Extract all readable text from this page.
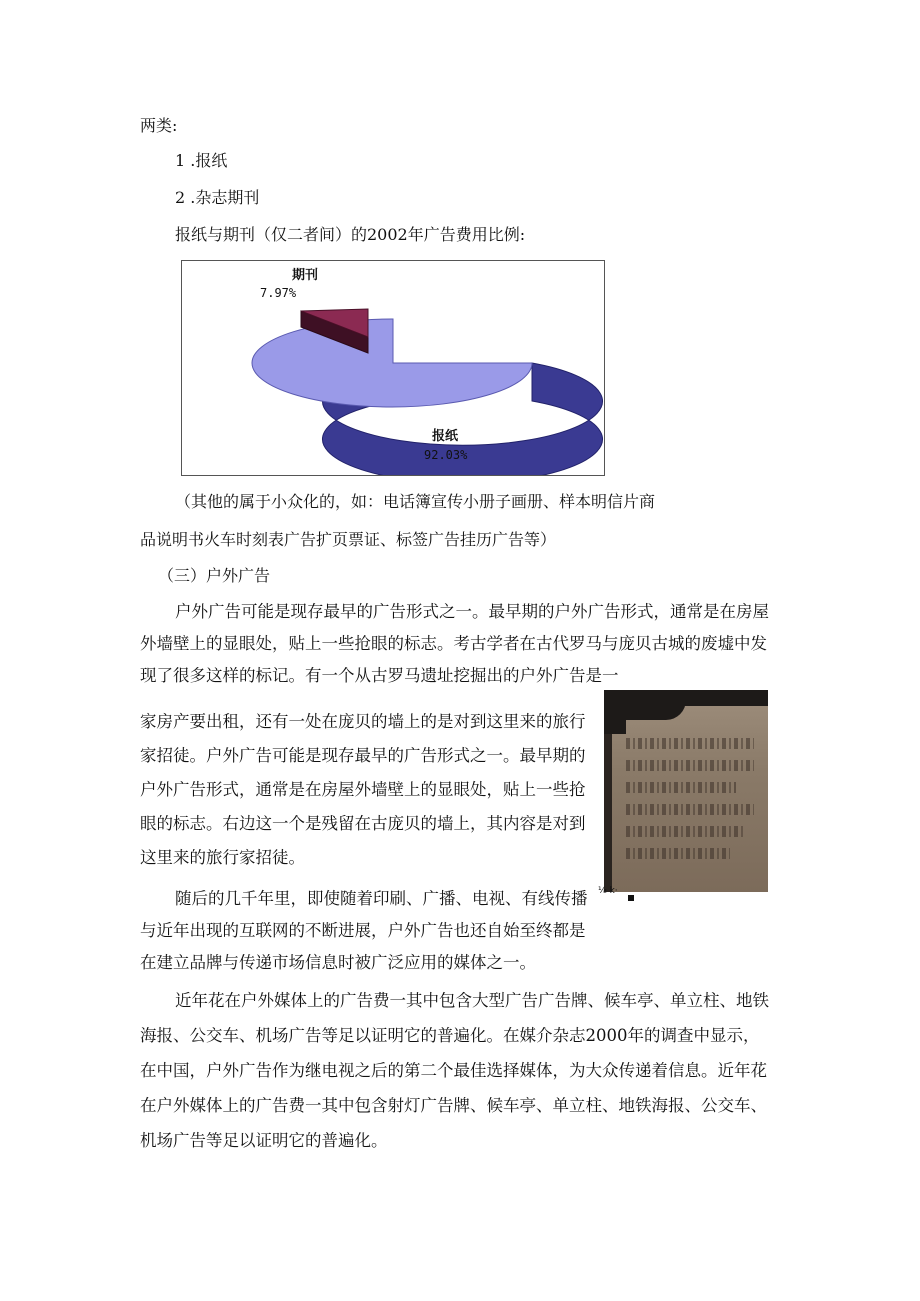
两类:
1 .报纸
2 .杂志期刊
报纸与期刊（仅二者间）的2002年广告费用比例:
期刊
7.97%
报纸
92.03%
（其他的属于小众化的，如：电话簿宣传小册子画册、样本明信片商
品说明书火车时刻表广告扩页票证、标签广告挂历广告等）
（三）户外广告
户外广告可能是现存最早的广告形式之一。最早期的户外广告形式，通常是在房屋
外墙壁上的显眼处，贴上一些抢眼的标志。考古学者在古代罗马与庞贝古城的废墟中发
现了很多这样的标记。有一个从古罗马遗址挖掘出的户外广告是一
家房产要出租，还有一处在庞贝的墙上的是对到这里来的旅行
家招徒。户外广告可能是现存最早的广告形式之一。最早期的
户外广告形式，通常是在房屋外墙壁上的显眼处，贴上一些抢
眼的标志。右边这一个是残留在古庞贝的墙上，其内容是对到
这里来的旅行家招徒。
随后的几千年里，即使随着印刷、广播、电视、有线传播
与近年出现的互联网的不断进展，户外广告也还自始至终都是
在建立品牌与传递市场信息时被广泛应用的媒体之一。
近年花在户外媒体上的广告费一其中包含大型广告广告牌、候车亭、单立柱、地铁
海报、公交车、机场广告等足以证明它的普遍化。在媒介杂志2000年的调查中显示，
在中国，户外广告作为继电视之后的第二个最佳选择媒体，为大众传递着信息。近年花
在户外媒体上的广告费一其中包含射灯广告牌、候车亭、单立柱、地铁海报、公交车、
机场广告等足以证明它的普遍化。
⅛ k·
